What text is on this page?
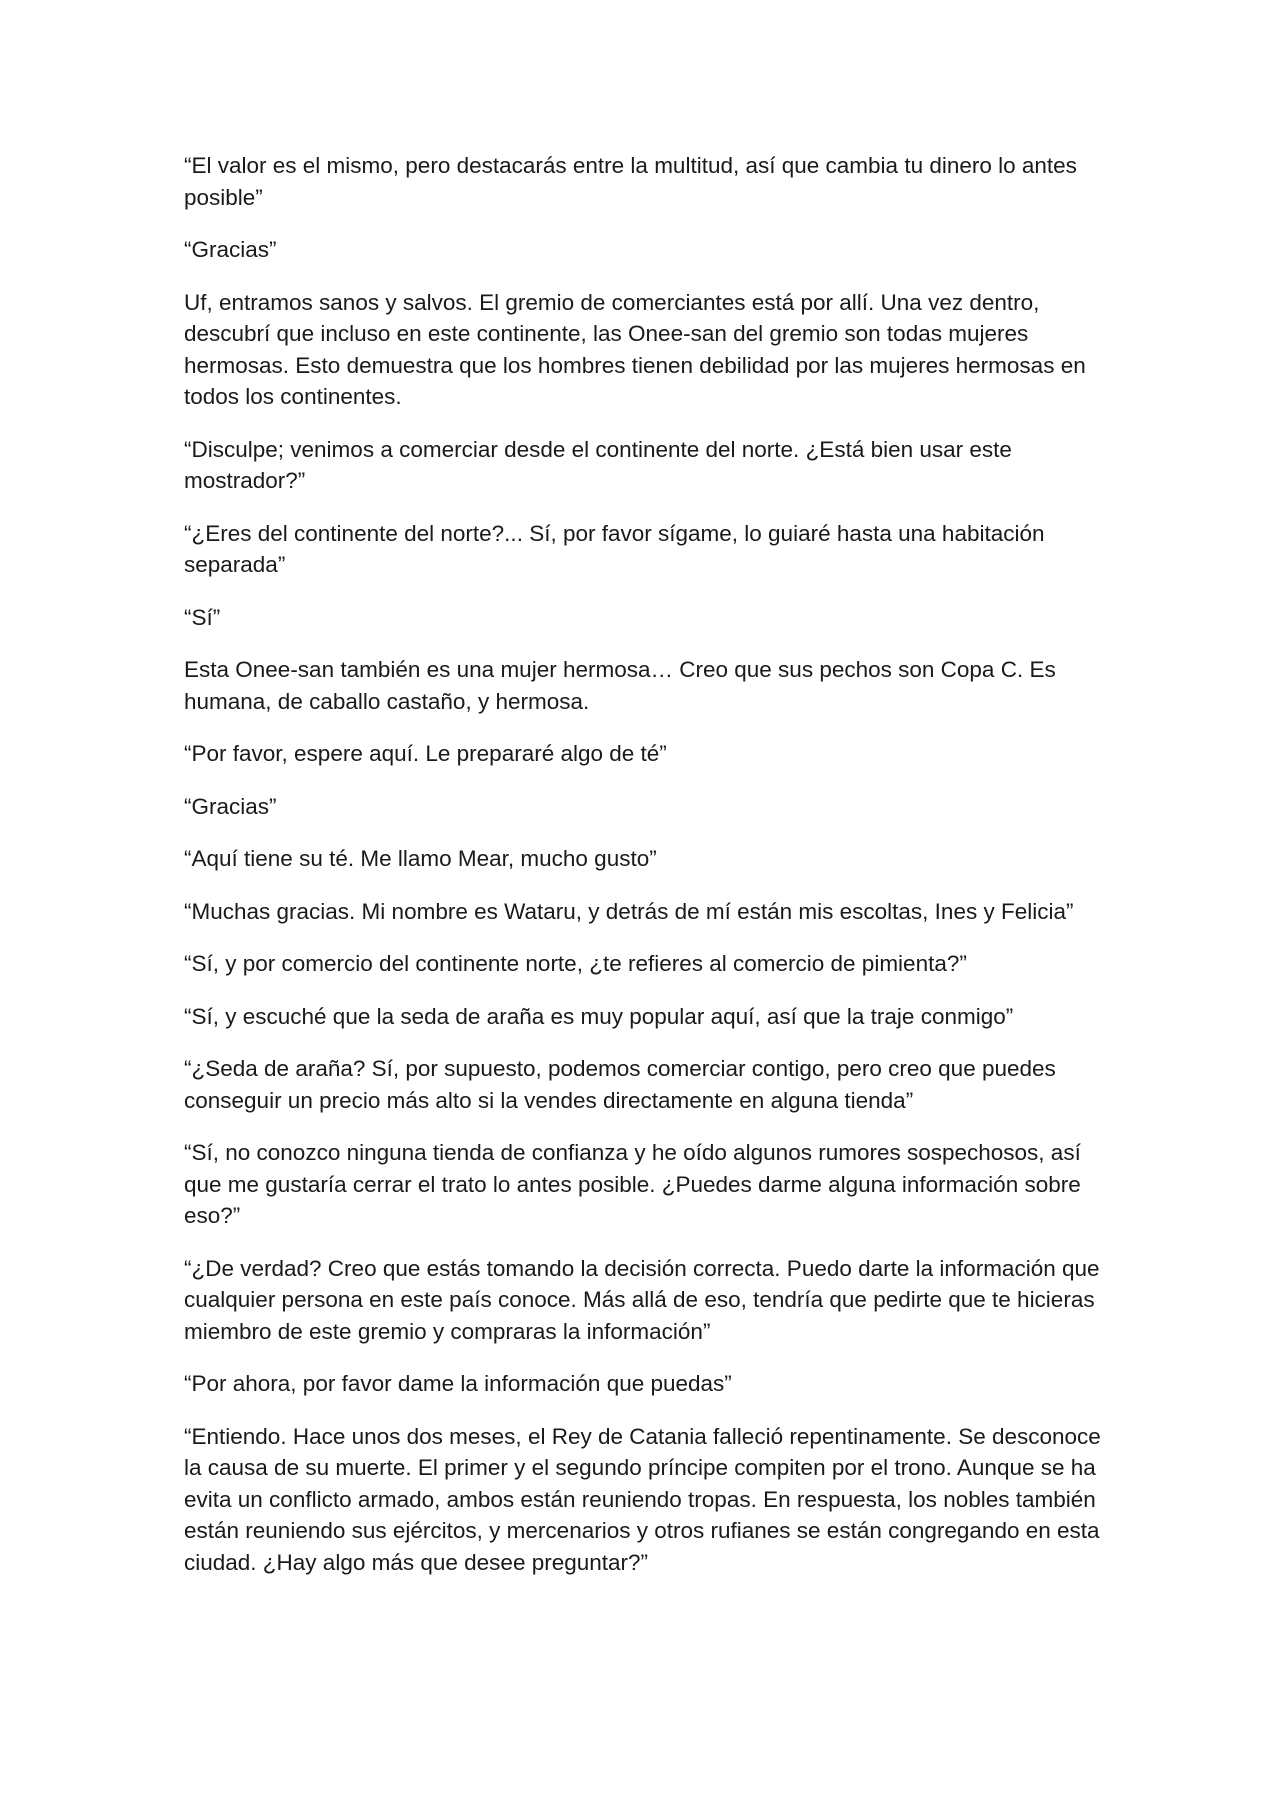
“El valor es el mismo, pero destacarás entre la multitud, así que cambia tu dinero lo antes posible”

“Gracias”

Uf, entramos sanos y salvos. El gremio de comerciantes está por allí. Una vez dentro, descubrí que incluso en este continente, las Onee-san del gremio son todas mujeres hermosas. Esto demuestra que los hombres tienen debilidad por las mujeres hermosas en todos los continentes.

“Disculpe; venimos a comerciar desde el continente del norte. ¿Está bien usar este mostrador?”

“¿Eres del continente del norte?... Sí, por favor sígame, lo guiaré hasta una habitación separada”

“Sí”

Esta Onee-san también es una mujer hermosa… Creo que sus pechos son Copa C. Es humana, de caballo castaño, y hermosa.

“Por favor, espere aquí. Le prepararé algo de té”

“Gracias”

“Aquí tiene su té. Me llamo Mear, mucho gusto”

“Muchas gracias. Mi nombre es Wataru, y detrás de mí están mis escoltas, Ines y Felicia”

“Sí, y por comercio del continente norte, ¿te refieres al comercio de pimienta?”

“Sí, y escuché que la seda de araña es muy popular aquí, así que la traje conmigo”

“¿Seda de araña? Sí, por supuesto, podemos comerciar contigo, pero creo que puedes conseguir un precio más alto si la vendes directamente en alguna tienda”

“Sí, no conozco ninguna tienda de confianza y he oído algunos rumores sospechosos, así que me gustaría cerrar el trato lo antes posible. ¿Puedes darme alguna información sobre eso?”

“¿De verdad? Creo que estás tomando la decisión correcta. Puedo darte la información que cualquier persona en este país conoce. Más allá de eso, tendría que pedirte que te hicieras miembro de este gremio y compraras la información”

“Por ahora, por favor dame la información que puedas”

“Entiendo. Hace unos dos meses, el Rey de Catania falleció repentinamente. Se desconoce la causa de su muerte. El primer y el segundo príncipe compiten por el trono. Aunque se ha evita un conflicto armado, ambos están reuniendo tropas. En respuesta, los nobles también están reuniendo sus ejércitos, y mercenarios y otros rufianes se están congregando en esta ciudad. ¿Hay algo más que desee preguntar?”
